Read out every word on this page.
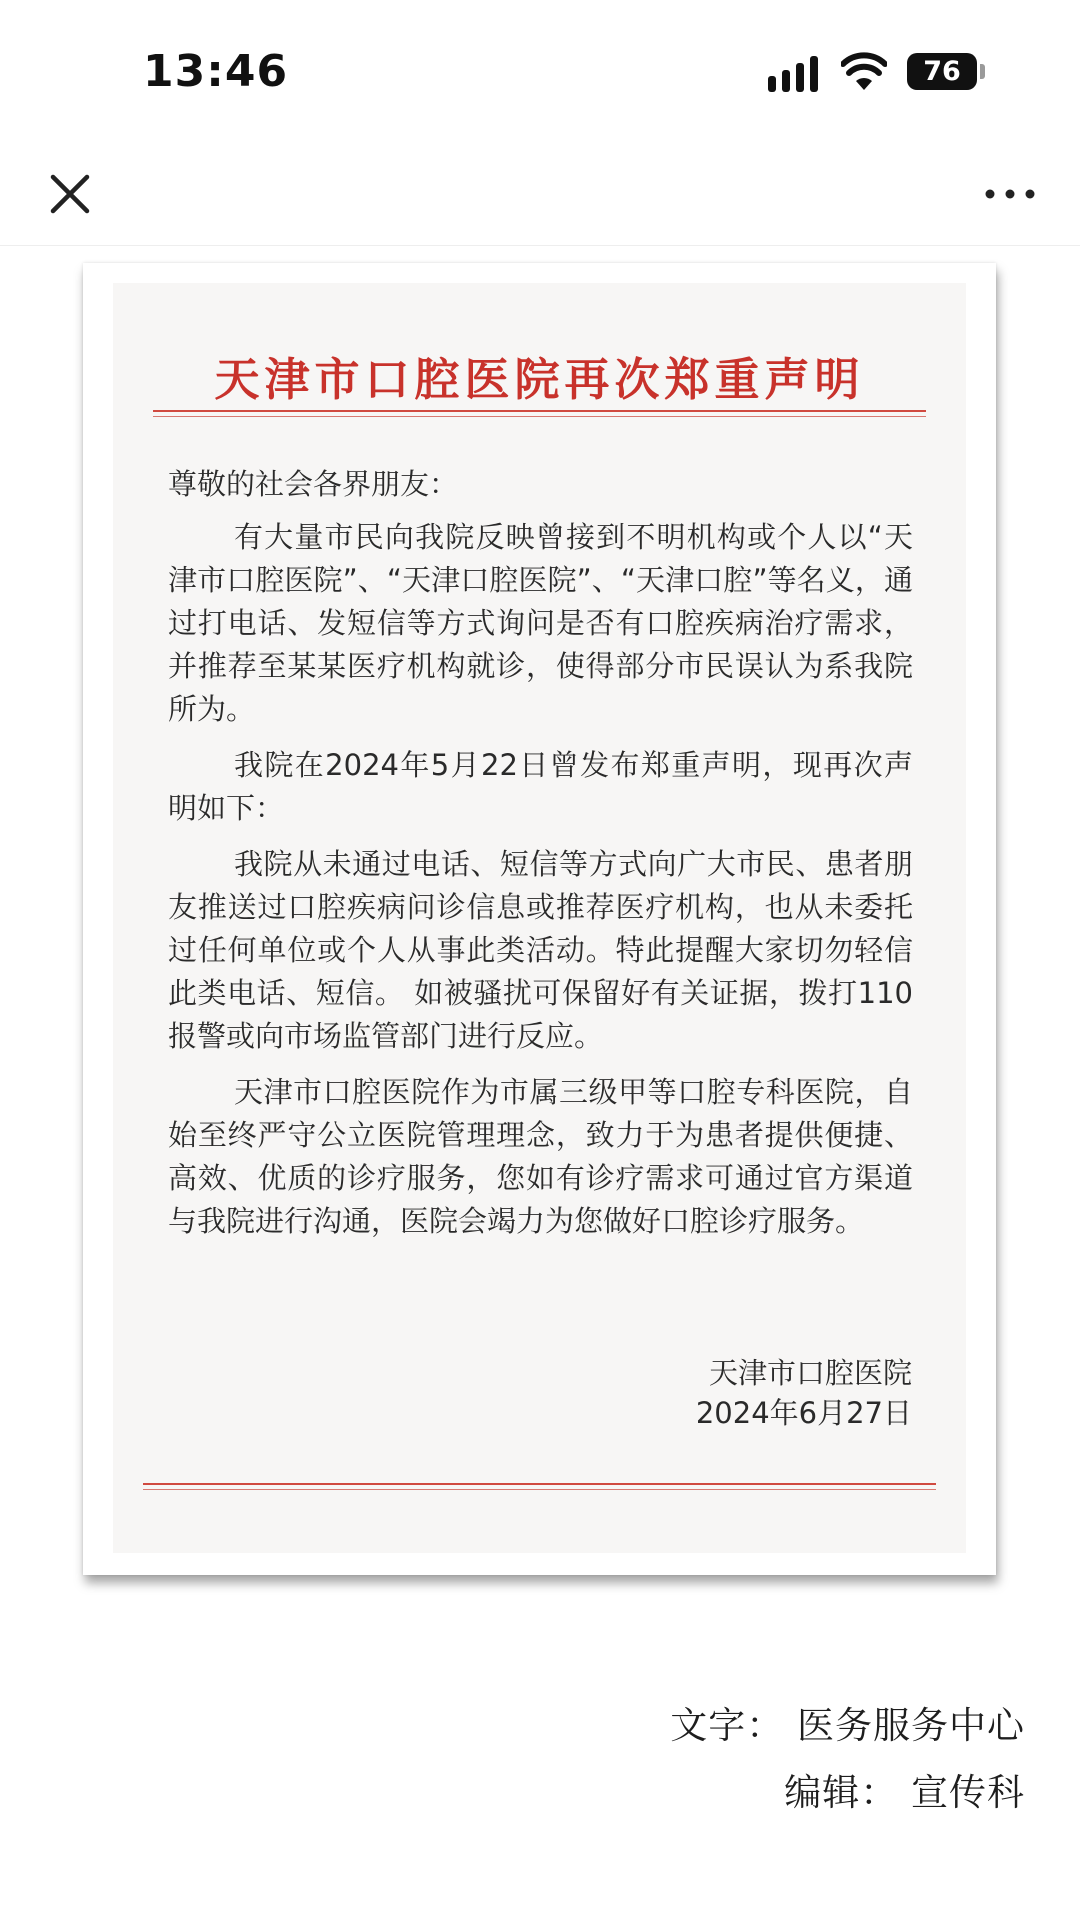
13:46	76
天津市口腔医院再次郑重声明

尊敬的社会各界朋友：

有大量市民向我院反映曾接到不明机构或个人以“天津市口腔医院”、“天津口腔医院”、“天津口腔”等名义，通过打电话、发短信等方式询问是否有口腔疾病治疗需求，并推荐至某某医疗机构就诊，使得部分市民误认为系我院所为。

我院在2024年5月22日曾发布郑重声明，现再次声明如下：

我院从未通过电话、短信等方式向广大市民、患者朋友推送过口腔疾病问诊信息或推荐医疗机构，也从未委托过任何单位或个人从事此类活动。特此提醒大家切勿轻信此类电话、短信。 如被骚扰可保留好有关证据，拨打110报警或向市场监管部门进行反应。

天津市口腔医院作为市属三级甲等口腔专科医院，自始至终严守公立医院管理理念，致力于为患者提供便捷、高效、优质的诊疗服务，您如有诊疗需求可通过官方渠道与我院进行沟通，医院会竭力为您做好口腔诊疗服务。

天津市口腔医院
2024年6月27日
文字： 医务服务中心
编辑： 宣传科
